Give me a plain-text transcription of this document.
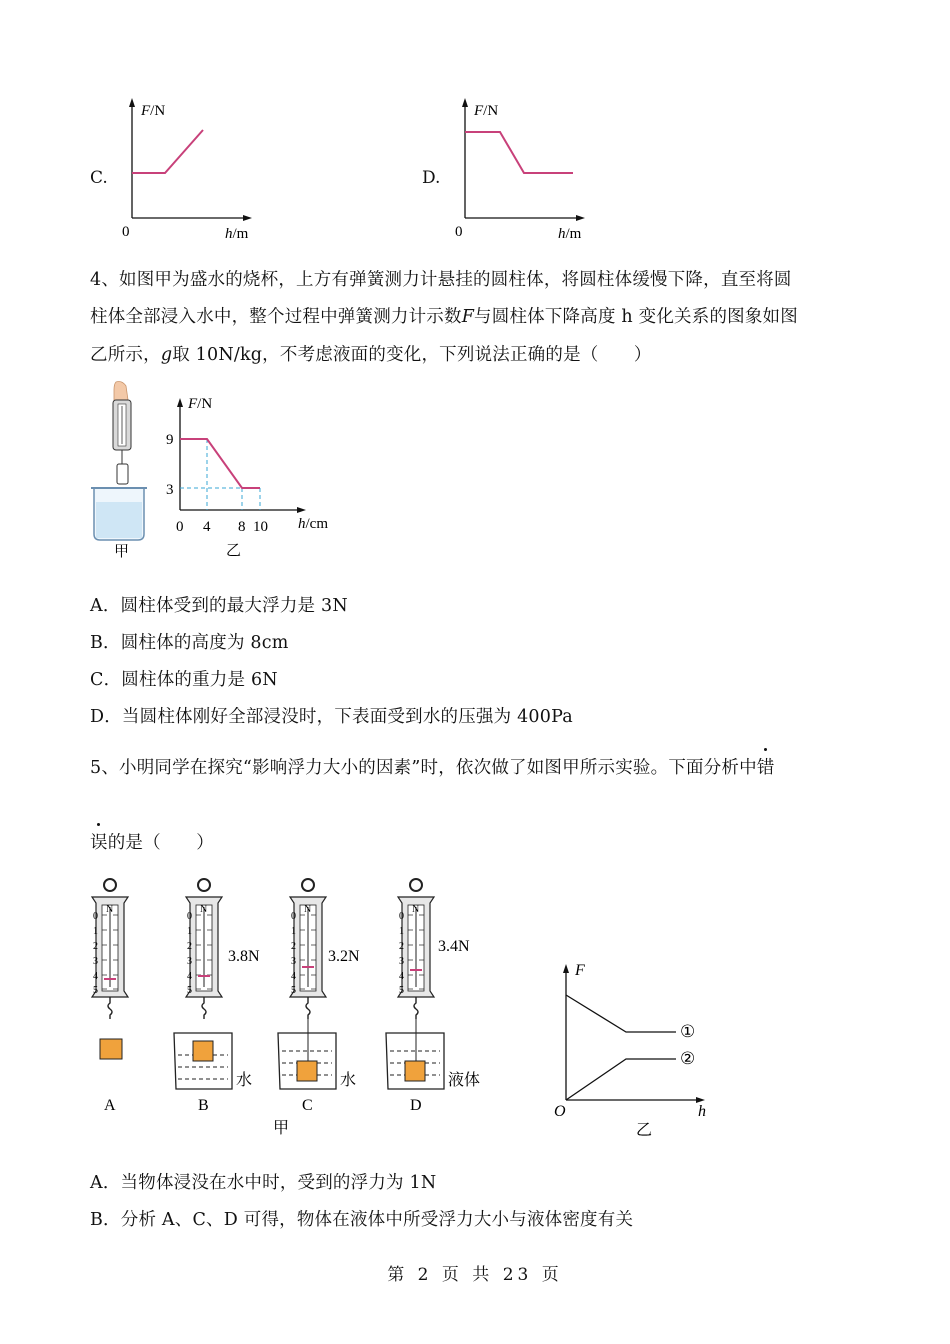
C.
F/N
0	h/m
D.
F/N
0	h/m
4、如图甲为盛水的烧杯，上方有弹簧测力计悬挂的圆柱体，将圆柱体缓慢下降，直至将圆
柱体全部浸入水中，整个过程中弹簧测力计示数F与圆柱体下降高度 h 变化关系的图象如图
乙所示，g取 10N/kg，不考虑液面的变化，下列说法正确的是（　　）
甲
F/N
9
3
0 4 8 10 h/cm
乙
A．圆柱体受到的最大浮力是 3N
B．圆柱体的高度为 8cm
C．圆柱体的重力是 6N
D．当圆柱体刚好全部浸没时，下表面受到水的压强为 400Pa
5、小明同学在探究“影响浮力大小的因素”时，依次做了如图甲所示实验。下面分析中错
误的是（　　）
N
0
1
2
3
4
5
A
N
0
1
2
3
4
5
3.8N
水
B
N
0
1
2
3
4
5
3.2N
水
C
N
0
1
2
3
4
5
3.4N
液体
D
甲
F
O	h
①
②
乙
A．当物体浸没在水中时，受到的浮力为 1N
B．分析 A、C、D 可得，物体在液体中所受浮力大小与液体密度有关
第 2 页 共 23 页
